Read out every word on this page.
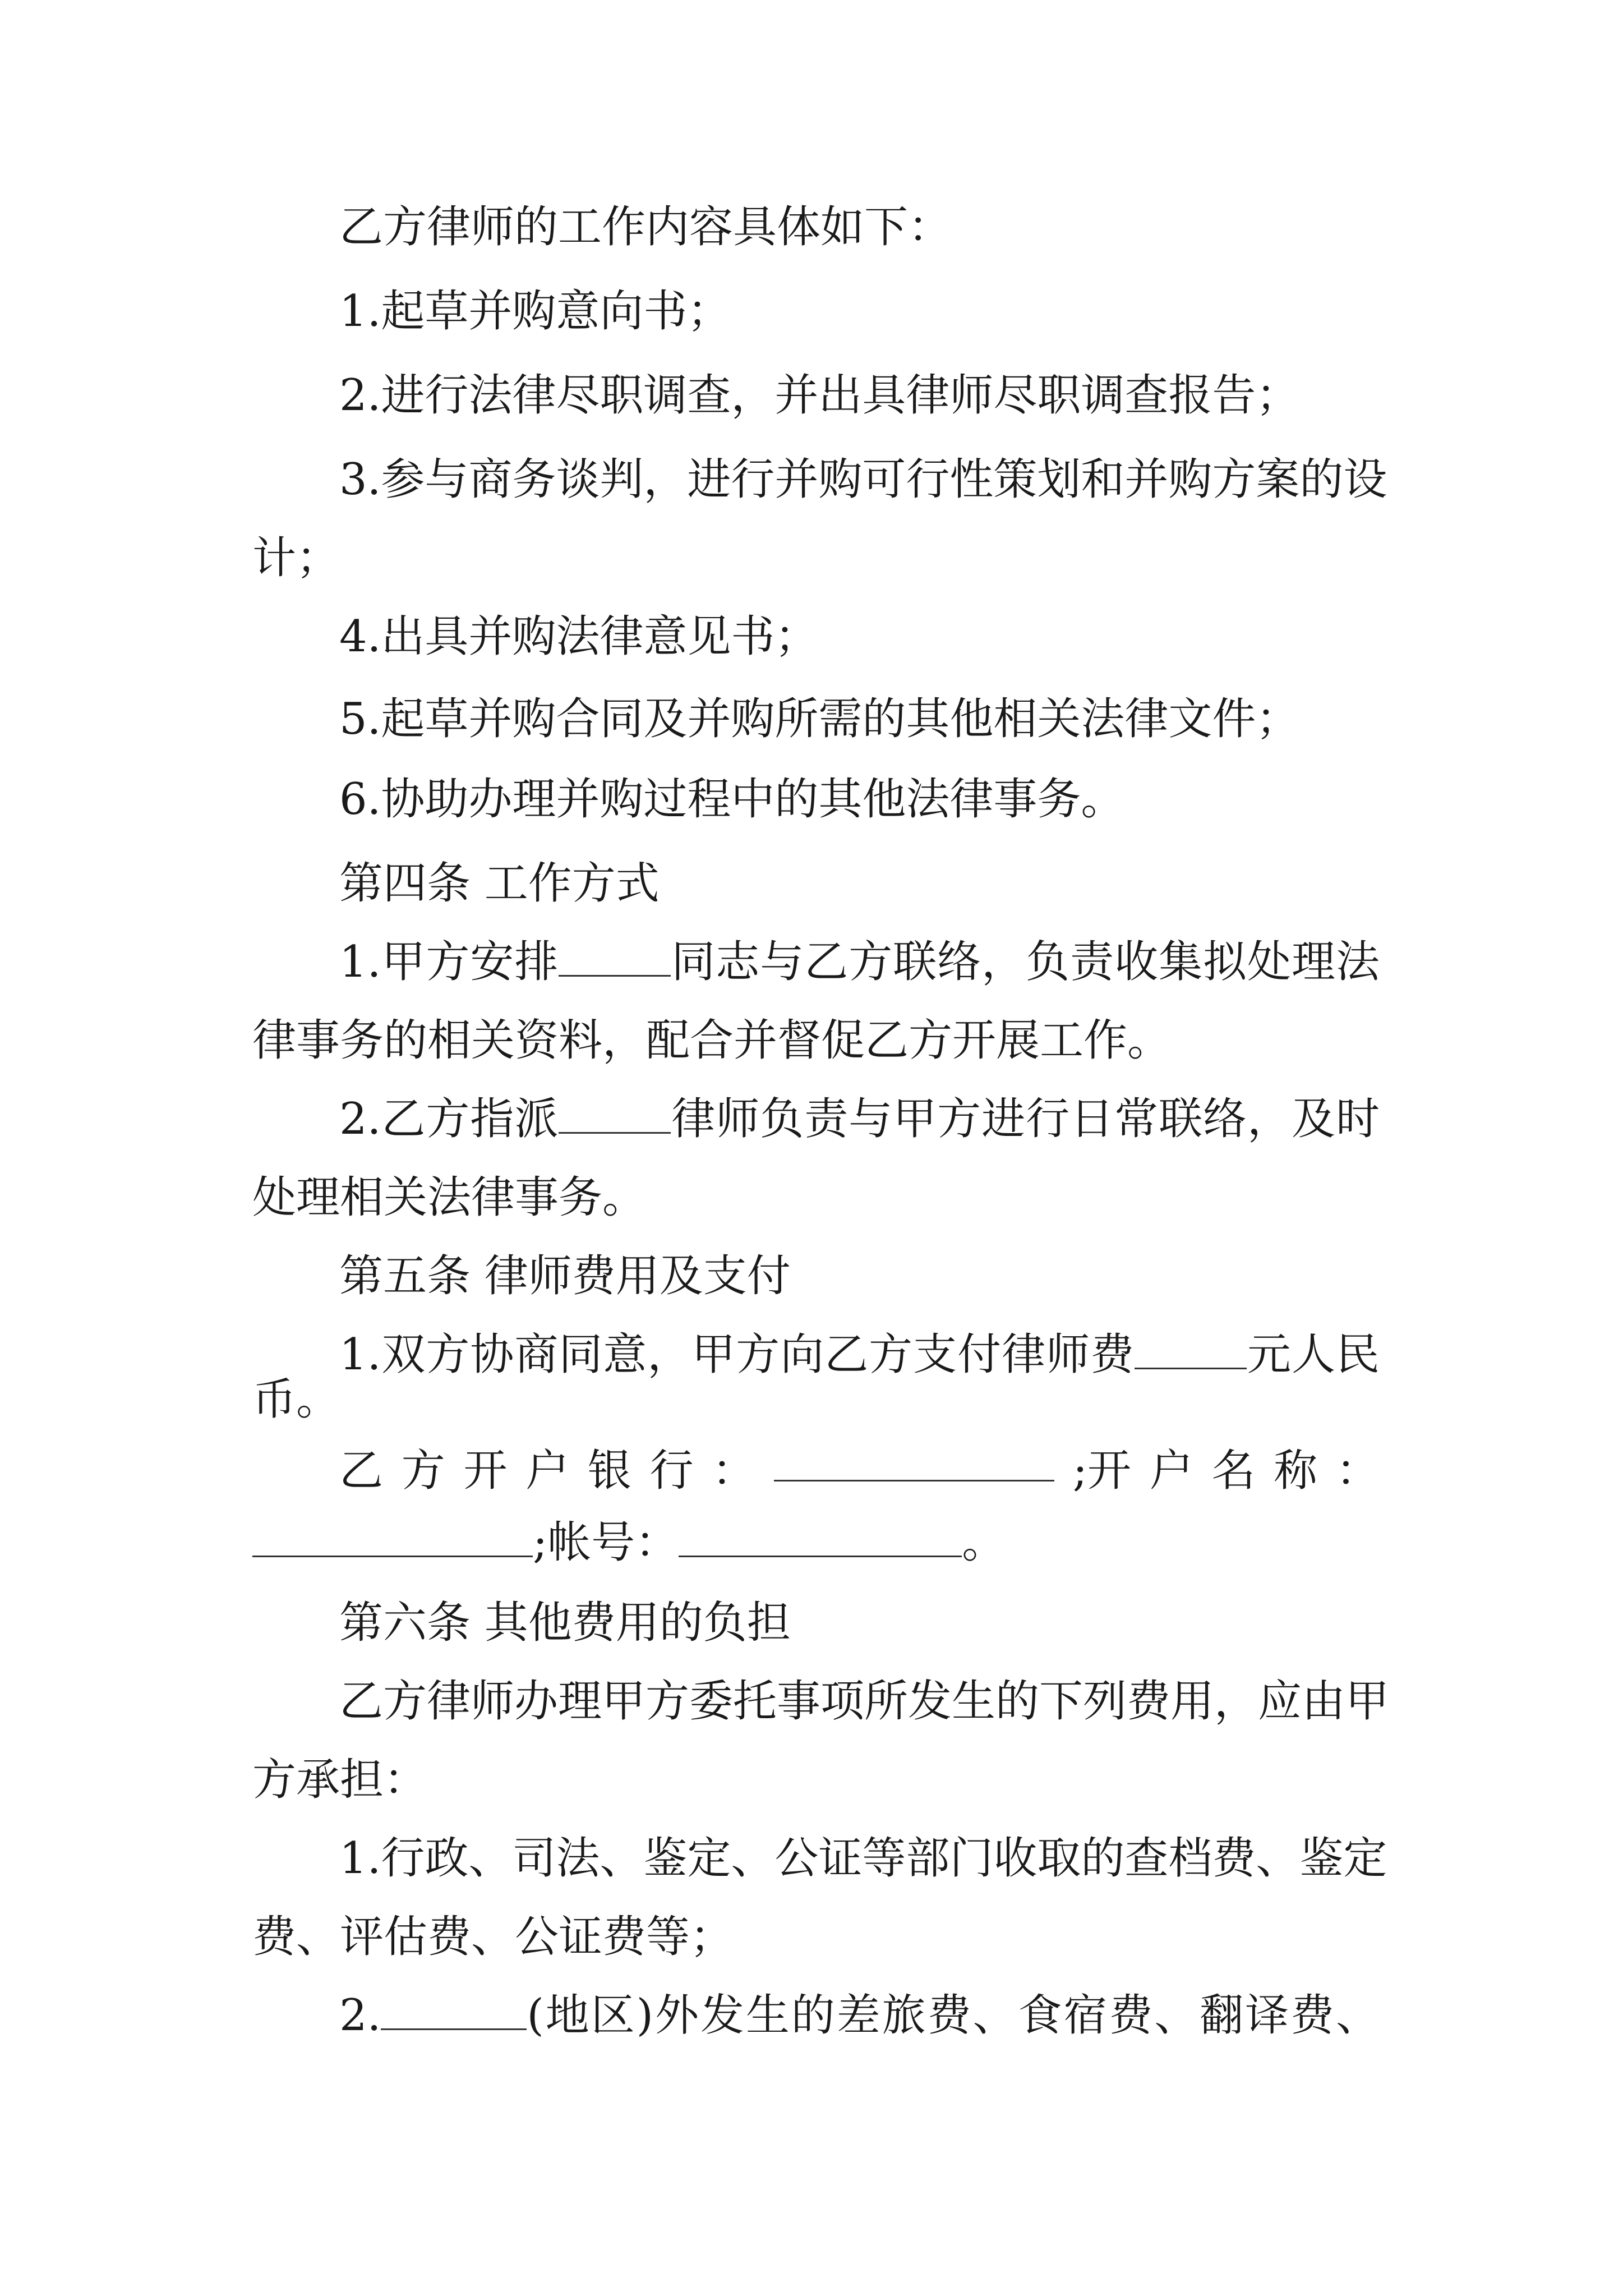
乙方律师的工作内容具体如下：
1.起草并购意向书；
2.进行法律尽职调查，并出具律师尽职调查报告；
3.参与商务谈判，进行并购可行性策划和并购方案的设
计；
4.出具并购法律意见书；
5.起草并购合同及并购所需的其他相关法律文件；
6.协助办理并购过程中的其他法律事务。
第四条 工作方式
1.甲方安排	同志与乙方联络，负责收集拟处理法
律事务的相关资料，配合并督促乙方开展工作。
2.乙方指派	律师负责与甲方进行日常联络，及时
处理相关法律事务。
第五条 律师费用及支付
1.双方协商同意，甲方向乙方支付律师费	元人民
币。
乙 方 开 户 银 行 ：	;开 户 名 称 ：
;帐号：	。
第六条 其他费用的负担
乙方律师办理甲方委托事项所发生的下列费用，应由甲
方承担：
1.行政、司法、鉴定、公证等部门收取的查档费、鉴定
费、评估费、公证费等；
2.	(地区)外发生的差旅费、食宿费、翻译费、
